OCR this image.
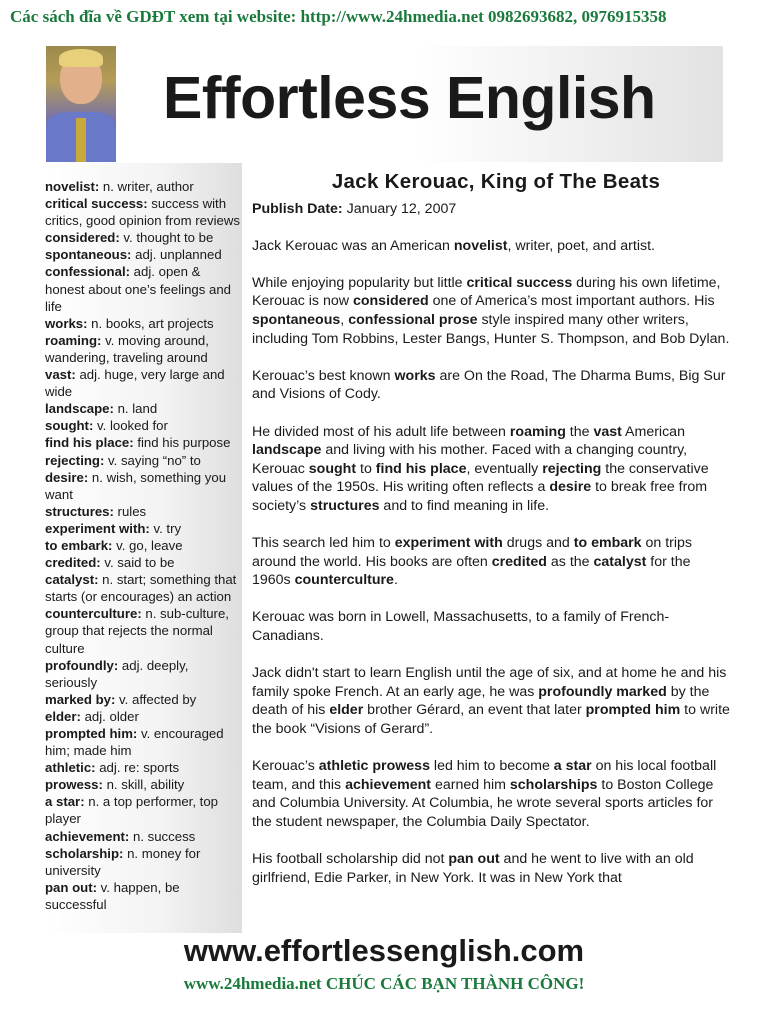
Các sách đĩa về GDĐT xem tại website: http://www.24hmedia.net 0982693682, 0976915358
Effortless English
novelist: n. writer, author
critical success: success with critics, good opinion from reviews
considered: v. thought to be
spontaneous: adj. unplanned
confessional: adj. open & honest about one’s feelings and life
works: n. books, art projects
roaming: v. moving around, wandering, traveling around
vast: adj. huge, very large and wide
landscape: n. land
sought: v. looked for
find his place: find his purpose
rejecting: v. saying “no” to
desire: n. wish, something you want
structures: rules
experiment with: v. try
to embark: v. go, leave
credited: v. said to be
catalyst: n. start; something that starts (or encourages) an action
counterculture: n. sub-culture, group that rejects the normal culture
profoundly: adj. deeply, seriously
marked by: v. affected by
elder: adj. older
prompted him: v. encouraged him; made him
athletic: adj. re: sports
prowess: n. skill, ability
a star: n. a top performer, top player
achievement: n. success
scholarship: n. money for university
pan out: v. happen, be successful
Jack Kerouac, King of The Beats
Publish Date: January 12, 2007

Jack Kerouac was an American novelist, writer, poet, and artist.

While enjoying popularity but little critical success during his own lifetime, Kerouac is now considered one of America’s most important authors. His spontaneous, confessional prose style inspired many other writers, including Tom Robbins, Lester Bangs, Hunter S. Thompson, and Bob Dylan.

Kerouac’s best known works are On the Road, The Dharma Bums, Big Sur and Visions of Cody.

He divided most of his adult life between roaming the vast American landscape and living with his mother. Faced with a changing country, Kerouac sought to find his place, eventually rejecting the conservative values of the 1950s. His writing often reflects a desire to break free from society’s structures and to find meaning in life.

This search led him to experiment with drugs and to embark on trips around the world. His books are often credited as the catalyst for the 1960s counterculture.

Kerouac was born in Lowell, Massachusetts, to a family of French-Canadians.

Jack didn't start to learn English until the age of six, and at home he and his family spoke French. At an early age, he was profoundly marked by the death of his elder brother Gérard, an event that later prompted him to write the book “Visions of Gerard”.

Kerouac’s athletic prowess led him to become a star on his local football team, and this achievement earned him scholarships to Boston College and Columbia University. At Columbia, he wrote several sports articles for the student newspaper, the Columbia Daily Spectator.

His football scholarship did not pan out and he went to live with an old girlfriend, Edie Parker, in New York. It was in New York that

www.effortlessenglish.com
www.24hmedia.net CHÚC CÁC BẠN THÀNH CÔNG!
